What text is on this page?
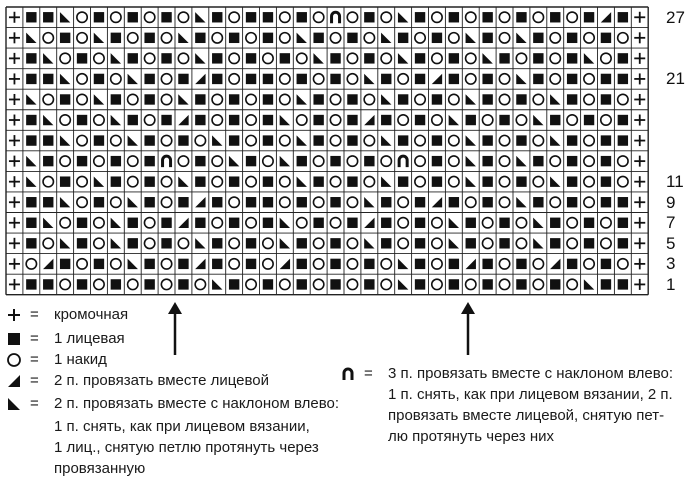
27
21
11
9
7
5
3
1
= кромочная
= 1 лицевая
= 1 накид
= 2 п. провязать вместе лицевой
= 2 п. провязать вместе с наклоном влево:
1 п. снять, как при лицевом вязании,
1 лиц., снятую петлю протянуть через
провязанную
= 3 п. провязать вместе с наклоном влево:
1 п. снять, как при лицевом вязании, 2 п.
провязать вместе лицевой, снятую пет-
лю протянуть через них
